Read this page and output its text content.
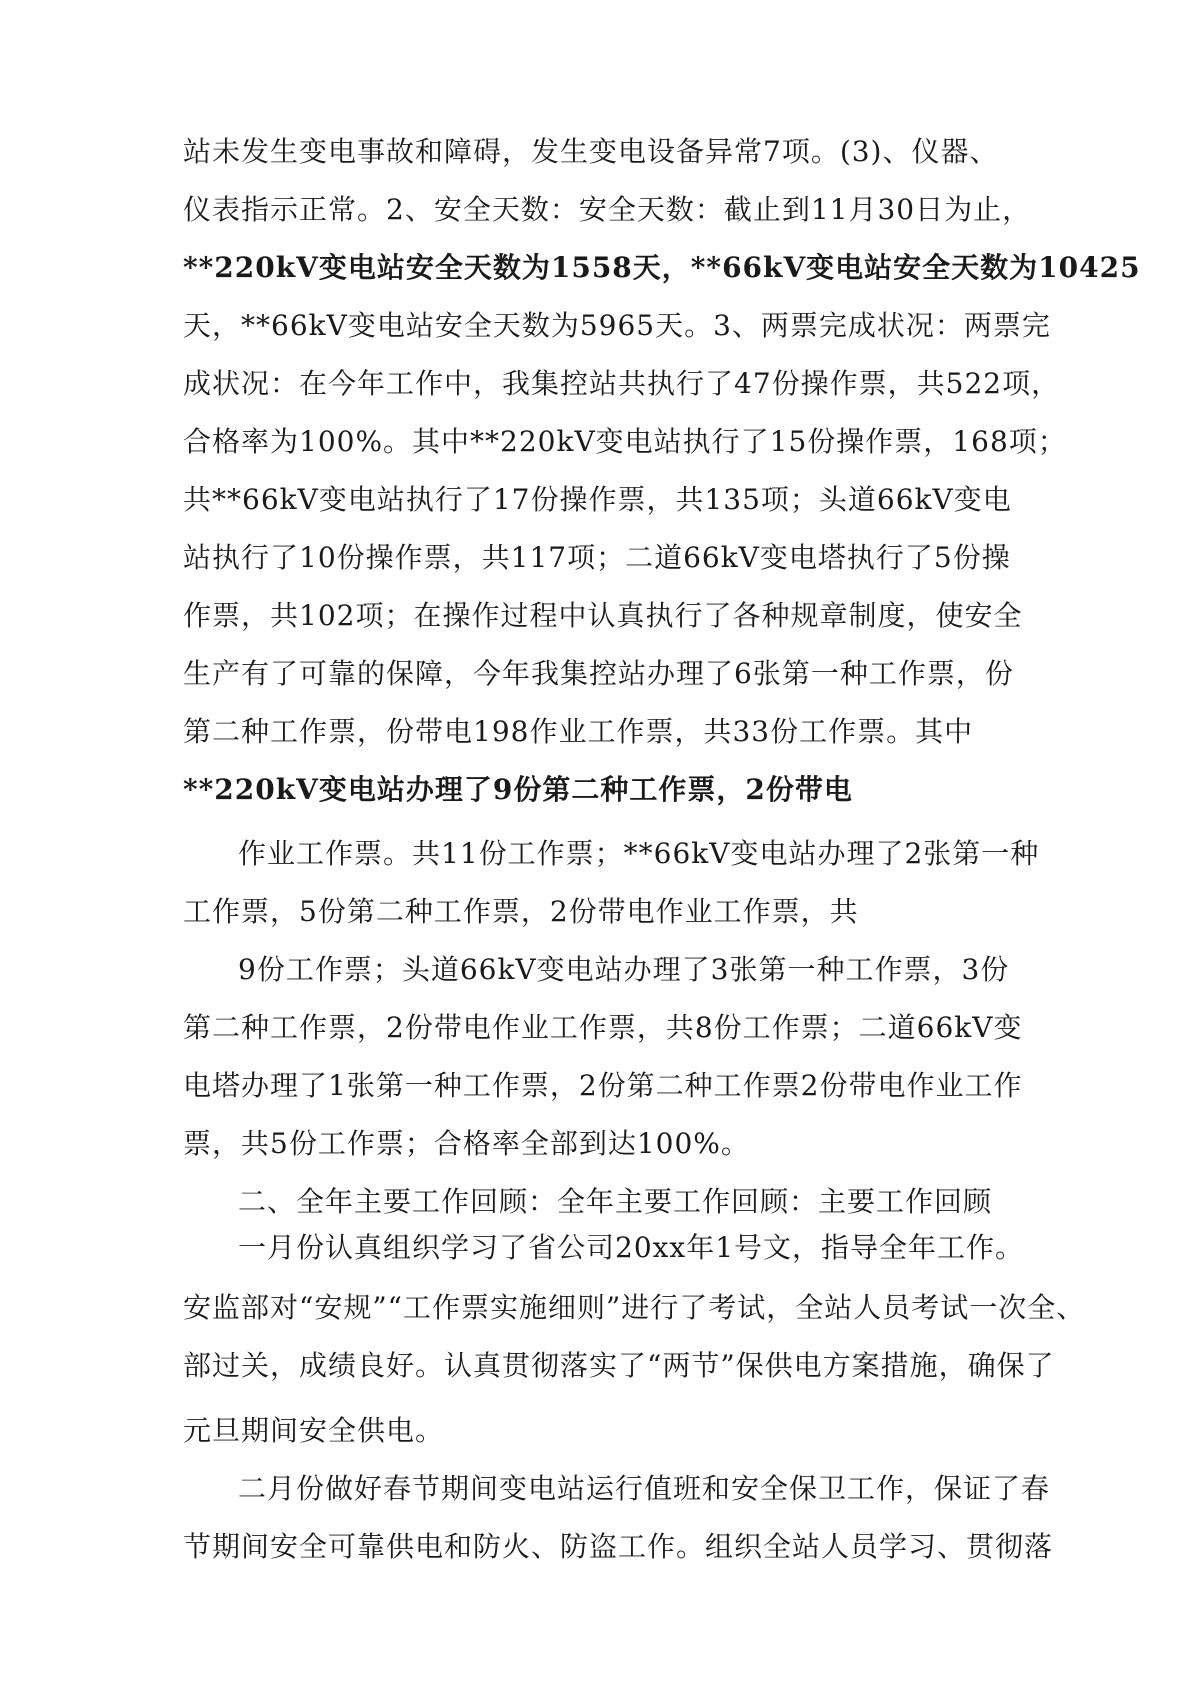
站未发生变电事故和障碍，发生变电设备异常7项。(3)、仪器、

仪表指示正常。2、安全天数：安全天数：截止到11月30日为止，

**220kV变电站安全天数为1558天，**66kV变电站安全天数为10425

天，**66kV变电站安全天数为5965天。3、两票完成状况：两票完

成状况：在今年工作中，我集控站共执行了47份操作票，共522项，

合格率为100%。其中**220kV变电站执行了15份操作票，168项；

共**66kV变电站执行了17份操作票，共135项；头道66kV变电

站执行了10份操作票，共117项；二道66kV变电塔执行了5份操

作票，共102项；在操作过程中认真执行了各种规章制度，使安全

生产有了可靠的保障，今年我集控站办理了6张第一种工作票，份

第二种工作票，份带电198作业工作票，共33份工作票。其中

**220kV变电站办理了9份第二种工作票，2份带电

作业工作票。共11份工作票；**66kV变电站办理了2张第一种

工作票，5份第二种工作票，2份带电作业工作票，共

9份工作票；头道66kV变电站办理了3张第一种工作票，3份

第二种工作票，2份带电作业工作票，共8份工作票；二道66kV变

电塔办理了1张第一种工作票，2份第二种工作票2份带电作业工作

票，共5份工作票；合格率全部到达100%。

二、全年主要工作回顾：全年主要工作回顾：主要工作回顾

一月份认真组织学习了省公司20xx年1号文，指导全年工作。

安监部对“安规”“工作票实施细则”进行了考试，全站人员考试一次全、

部过关，成绩良好。认真贯彻落实了“两节”保供电方案措施，确保了

元旦期间安全供电。

二月份做好春节期间变电站运行值班和安全保卫工作，保证了春

节期间安全可靠供电和防火、防盗工作。组织全站人员学习、贯彻落
